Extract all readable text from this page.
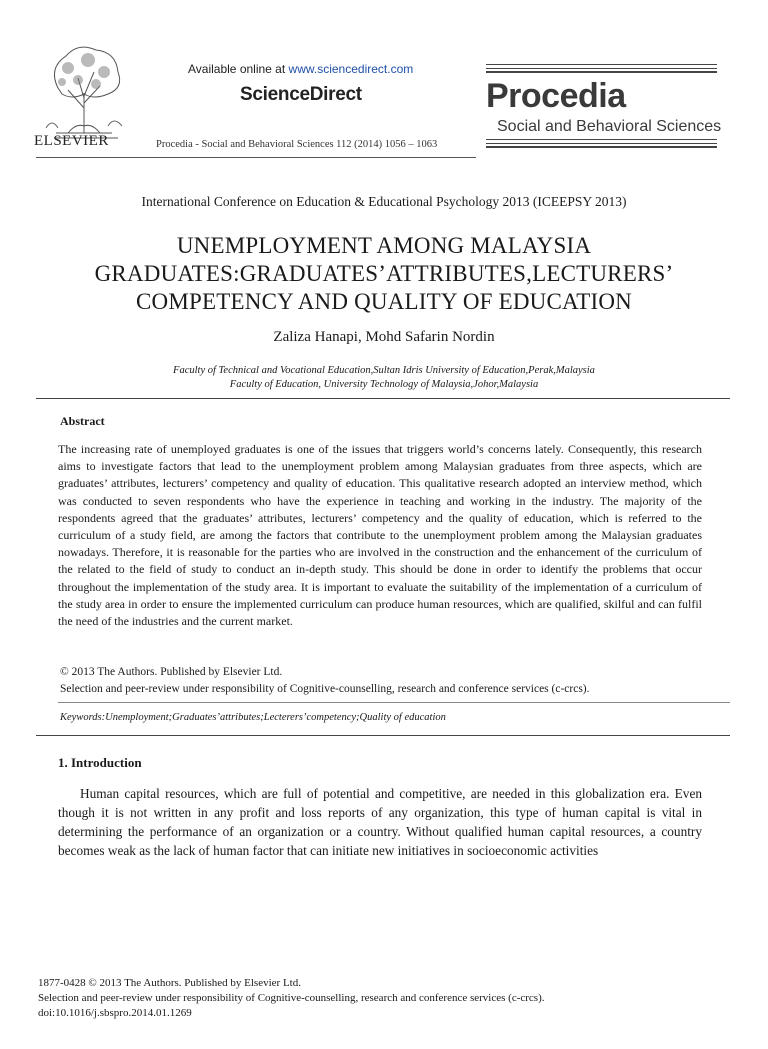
ELSEVIER
Available online at www.sciencedirect.com
ScienceDirect
Procedia - Social and Behavioral Sciences 112 (2014) 1056 – 1063
Procedia
Social and Behavioral Sciences
International Conference on Education & Educational Psychology 2013 (ICEEPSY 2013)
UNEMPLOYMENT AMONG MALAYSIA
GRADUATES:GRADUATES’ATTRIBUTES,LECTURERS’
COMPETENCY AND QUALITY OF EDUCATION
Zaliza Hanapi, Mohd Safarin Nordin
Faculty of Technical and Vocational Education,Sultan Idris University of Education,Perak,Malaysia
Faculty of Education, University Technology of Malaysia,Johor,Malaysia
Abstract
The increasing rate of unemployed graduates is one of the issues that triggers world’s concerns lately. Consequently, this research aims to investigate factors that lead to the unemployment problem among Malaysian graduates from three aspects, which are graduates’ attributes, lecturers’ competency and quality of education. This qualitative research adopted an interview method, which was conducted to seven respondents who have the experience in teaching and working in the industry. The majority of the respondents agreed that the graduates’ attributes, lecturers’ competency and the quality of education, which is referred to the curriculum of a study field, are among the factors that contribute to the unemployment problem among the Malaysian graduates nowadays. Therefore, it is reasonable for the parties who are involved in the construction and the enhancement of the curriculum of the related to the field of study to conduct an in-depth study. This should be done in order to identify the problems that occur throughout the implementation of the study area. It is important to evaluate the suitability of the implementation of a curriculum of the study area in order to ensure the implemented curriculum can produce human resources, which are qualified, skilful and can fulfil the need of the industries and the current market.
© 2013 The Authors. Published by Elsevier Ltd.
Selection and peer-review under responsibility of Cognitive-counselling, research and conference services (c-crcs).
Keywords:Unemployment;Graduates’attributes;Lecterers’competency;Quality of education
1. Introduction
Human capital resources, which are full of potential and competitive, are needed in this globalization era. Even though it is not written in any profit and loss reports of any organization, this type of human capital is vital in determining the performance of an organization or a country. Without qualified human capital resources, a country becomes weak as the lack of human factor that can initiate new initiatives in socioeconomic activities
1877-0428 © 2013 The Authors. Published by Elsevier Ltd.
Selection and peer-review under responsibility of Cognitive-counselling, research and conference services (c-crcs).
doi:10.1016/j.sbspro.2014.01.1269
